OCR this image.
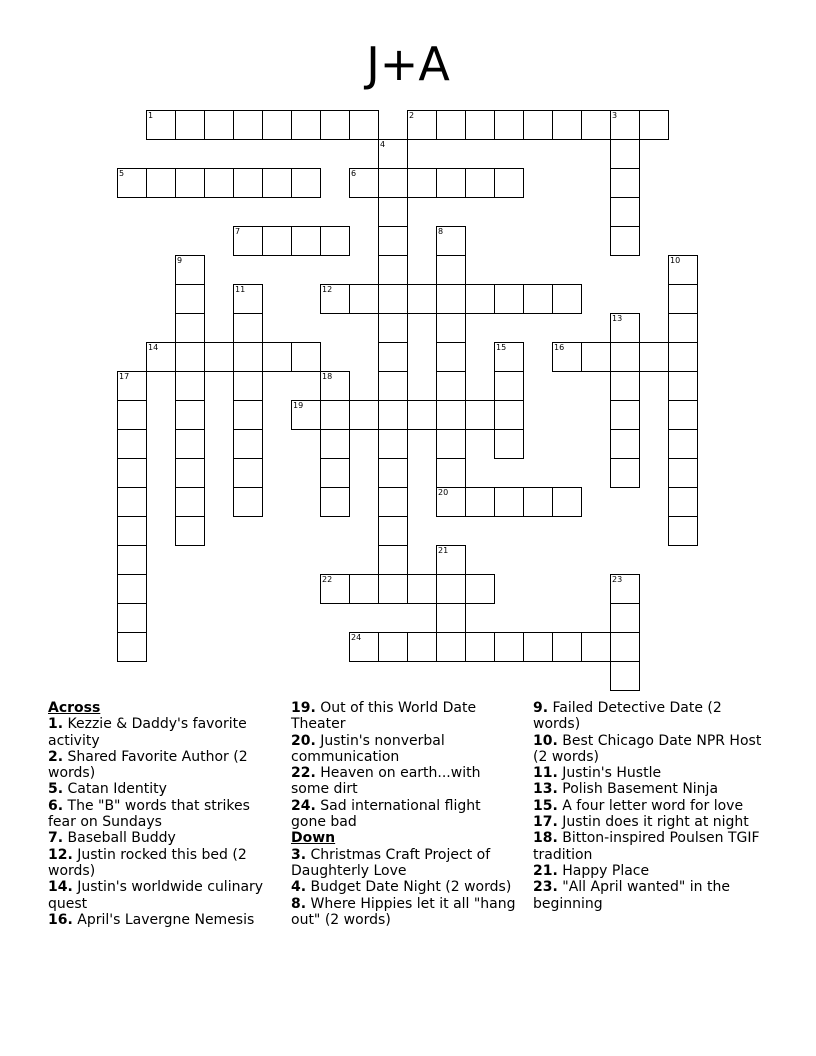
J+A
1	2	3
4
5	6
7	8
9	10
11	12
13
14	15	16
17	18
19
20
21
22	23
24
Across
1. Kezzie & Daddy's favorite activity
2. Shared Favorite Author (2 words)
5. Catan Identity
6. The "B" words that strikes fear on Sundays
7. Baseball Buddy
12. Justin rocked this bed (2 words)
14. Justin's worldwide culinary quest
16. April's Lavergne Nemesis
19. Out of this World Date Theater
20. Justin's nonverbal communication
22. Heaven on earth...with some dirt
24. Sad international flight gone bad
Down
3. Christmas Craft Project of Daughterly Love
4. Budget Date Night (2 words)
8. Where Hippies let it all "hang out" (2 words)
9. Failed Detective Date (2 words)
10. Best Chicago Date NPR Host (2 words)
11. Justin's Hustle
13. Polish Basement Ninja
15. A four letter word for love
17. Justin does it right at night
18. Bitton-inspired Poulsen TGIF tradition
21. Happy Place
23. "All April wanted" in the beginning
